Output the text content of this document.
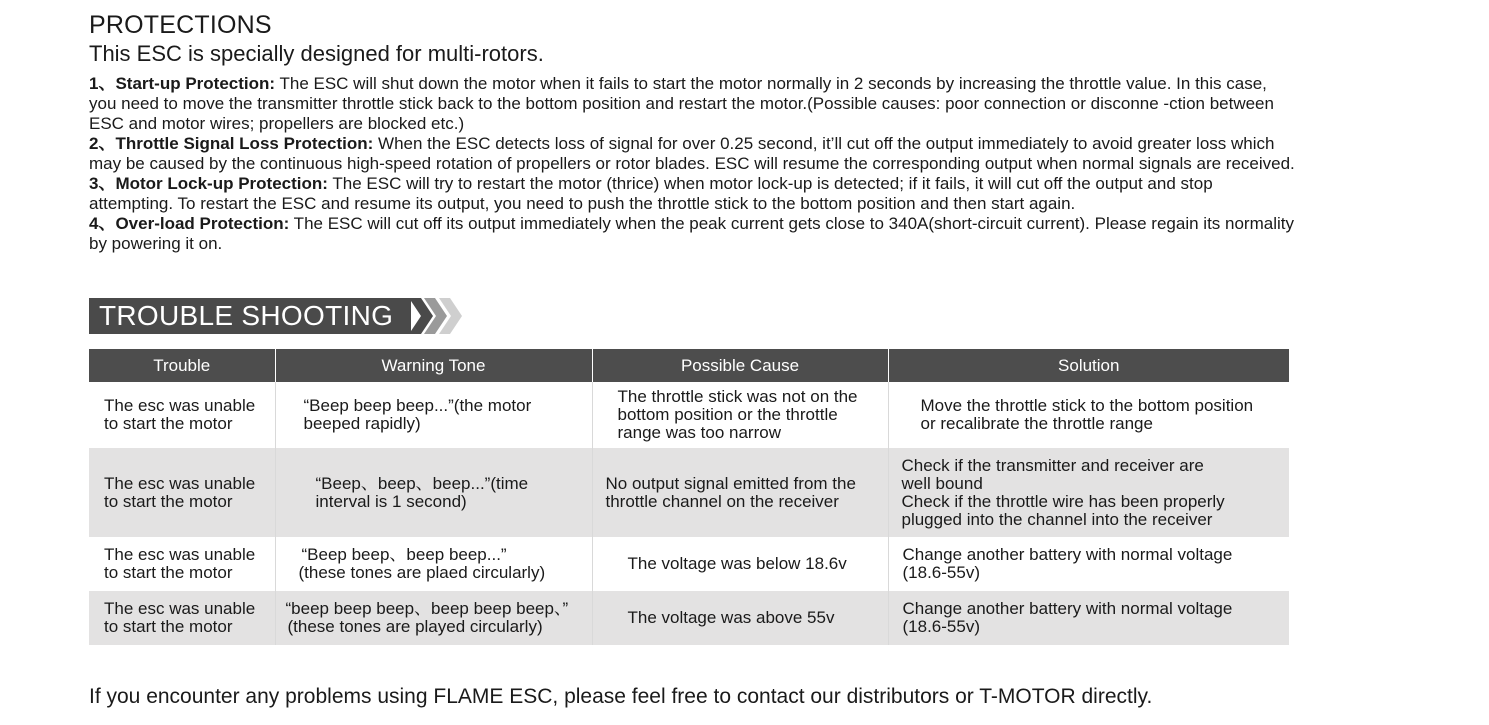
PROTECTIONS
This ESC is specially designed for multi-rotors.

1、Start-up Protection: The ESC will shut down the motor when it fails to start the motor normally in 2 seconds by increasing the throttle value. In this case, you need to move the transmitter throttle stick back to the bottom position and restart the motor.(Possible causes: poor connection or disconne -ction between ESC and motor wires; propellers are blocked etc.)

2、Throttle Signal Loss Protection: When the ESC detects loss of signal for over 0.25 second, it’ll cut off the output immediately to avoid greater loss which may be caused by the continuous high-speed rotation of propellers or rotor blades. ESC will resume the corresponding output when normal signals are received.

3、Motor Lock-up Protection: The ESC will try to restart the motor (thrice) when motor lock-up is detected; if it fails, it will cut off the output and stop attempting. To restart the ESC and resume its output, you need to push the throttle stick to the bottom position and then start again.

4、Over-load Protection: The ESC will cut off its output immediately when the peak current gets close to 340A(short-circuit current). Please regain its normality by powering it on.

TROUBLE SHOOTING
Trouble	Warning Tone	Possible Cause	Solution

The esc was unable to start the motor	“Beep beep beep...”(the motor beeped rapidly)	The throttle stick was not on the bottom position or the throttle range was too narrow	Move the throttle stick to the bottom position or recalibrate the throttle range

The esc was unable to start the motor	“Beep、beep、beep...”(time interval is 1 second)	No output signal emitted from the throttle channel on the receiver	Check if the transmitter and receiver are well bound
Check if the throttle wire has been properly plugged into the channel into the receiver

The esc was unable to start the motor	“Beep beep、beep beep...”
(these tones are plaed circularly)	The voltage was below 18.6v	Change another battery with normal voltage (18.6-55v)

The esc was unable to start the motor	“beep beep beep、beep beep beep、”
(these tones are played circularly)	The voltage was above 55v	Change another battery with normal voltage (18.6-55v)
If you encounter any problems using FLAME ESC, please feel free to contact our distributors or T-MOTOR directly.
